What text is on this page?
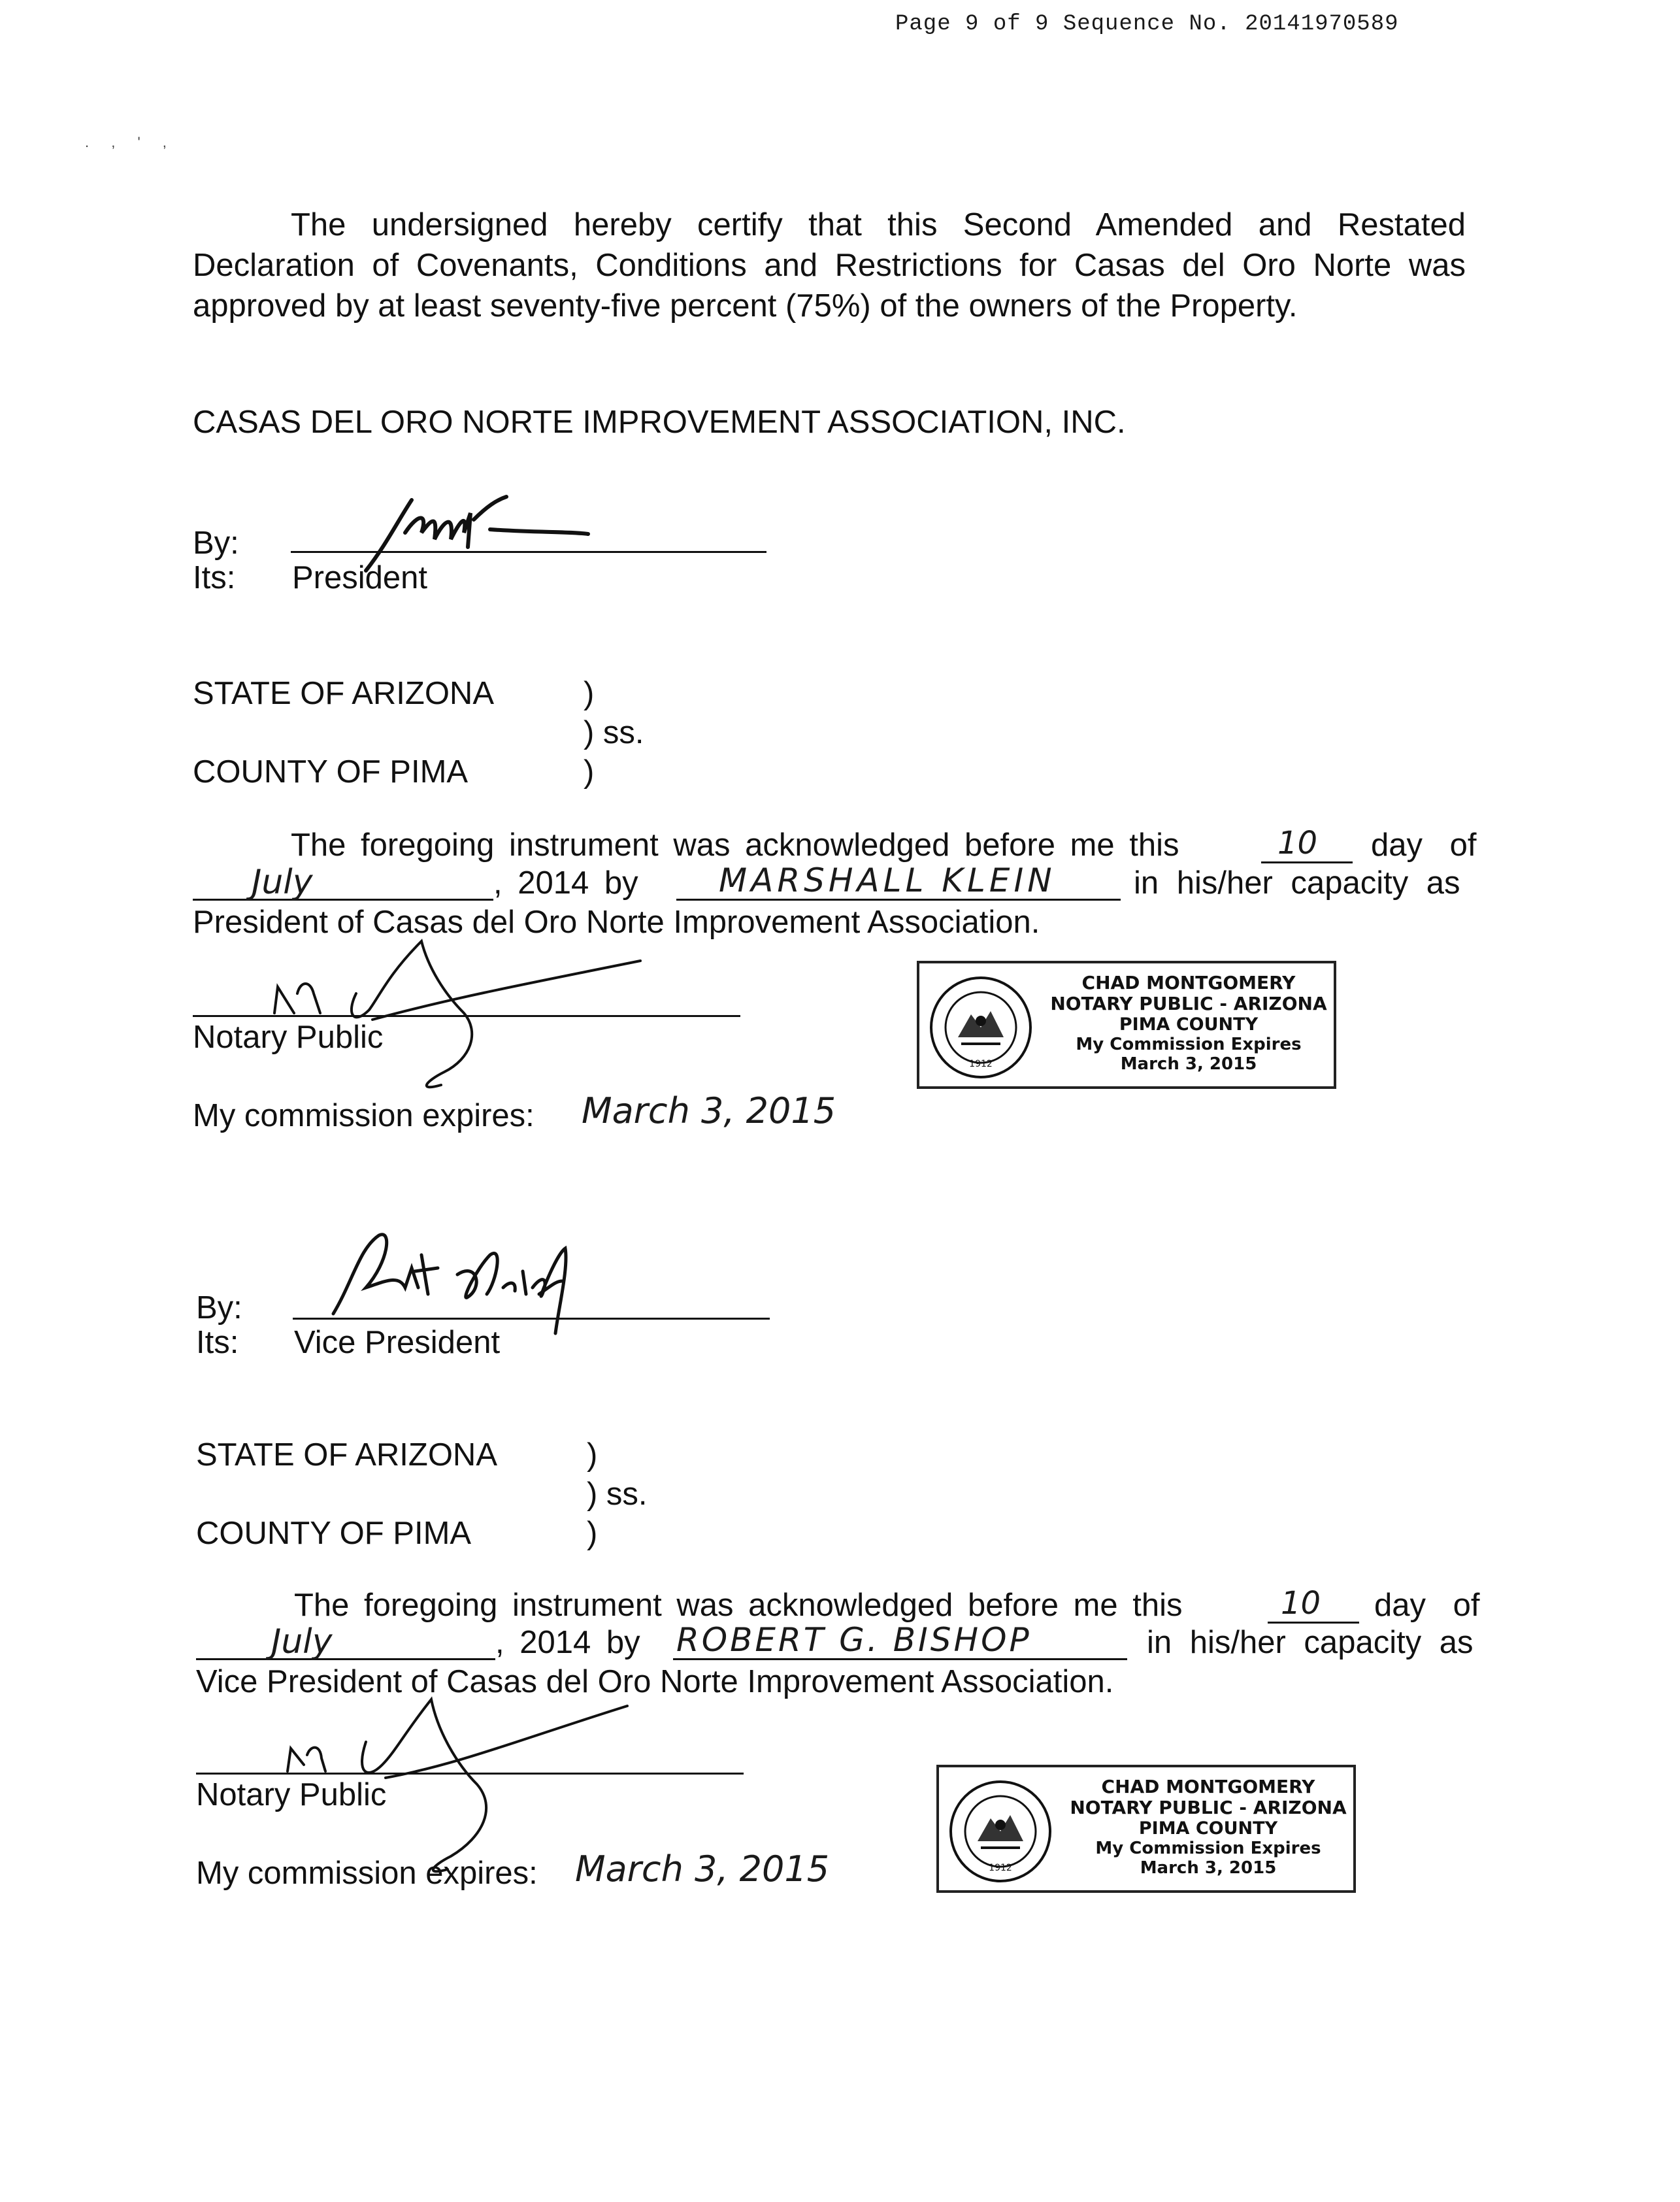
Page 9 of 9 Sequence No. 20141970589
. , ' ,
The undersigned hereby certify that this Second Amended and Restated
Declaration of Covenants, Conditions and Restrictions for Casas del Oro Norte was
approved by at least seventy-five percent (75%) of the owners of the Property.
CASAS DEL ORO NORTE IMPROVEMENT ASSOCIATION, INC.
By:
Its: President
STATE OF ARIZONA	)
) ss.
COUNTY OF PIMA	)
The foregoing instrument was acknowledged before me this	10 day of
July	, 2014 by MARSHALL KLEIN in his/her capacity as
President of Casas del Oro Norte Improvement Association.
Notary Public
My commission expires: March 3, 2015
1912
CHAD MONTGOMERY
NOTARY PUBLIC - ARIZONA
PIMA COUNTY
My Commission Expires
March 3, 2015
By:
Its: Vice President
STATE OF ARIZONA	)
) ss.
COUNTY OF PIMA	)
The foregoing instrument was acknowledged before me this	10 day of
July	, 2014 by ROBERT G. BISHOP	in his/her capacity as
Vice President of Casas del Oro Norte Improvement Association.
Notary Public
My commission expires: March 3, 2015	1912
CHAD MONTGOMERY
NOTARY PUBLIC - ARIZONA
PIMA COUNTY
My Commission Expires
March 3, 2015
